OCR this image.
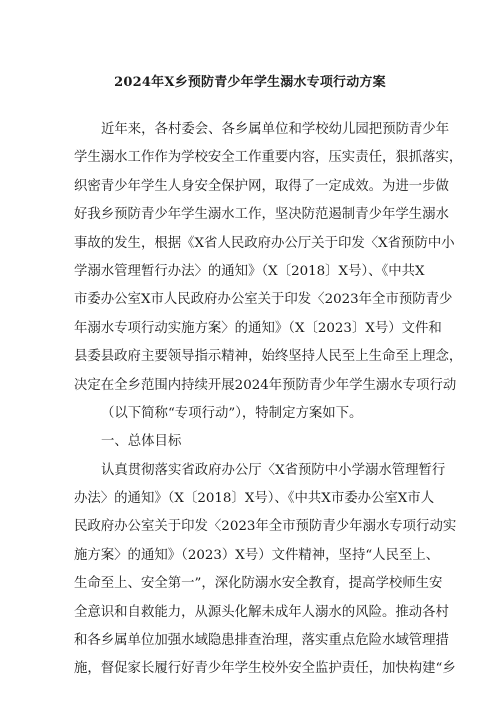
2024年X乡预防青少年学生溺水专项行动方案
近年来，各村委会、各乡属单位和学校幼儿园把预防青少年
学生溺水工作作为学校安全工作重要内容，压实责任，狠抓落实，
织密青少年学生人身安全保护网，取得了一定成效。为进一步做
好我乡预防青少年学生溺水工作，坚决防范遏制青少年学生溺水
事故的发生，根据《X省人民政府办公厅关于印发〈X省预防中小
学溺水管理暂行办法〉的通知》（X〔2018〕X号）、《中共X
市委办公室X市人民政府办公室关于印发〈2023年全市预防青少
年溺水专项行动实施方案〉的通知》（X〔2023〕X号）文件和
县委县政府主要领导指示精神，始终坚持人民至上生命至上理念，
决定在全乡范围内持续开展2024年预防青少年学生溺水专项行动
（以下简称“专项行动”），特制定方案如下。
一、总体目标
认真贯彻落实省政府办公厅〈X省预防中小学溺水管理暂行
办法〉的通知》（X〔2018〕X号）、《中共X市委办公室X市人
民政府办公室关于印发〈2023年全市预防青少年溺水专项行动实
施方案〉的通知》（2023）X号）文件精神，坚持“人民至上、
生命至上、安全第一”，深化防溺水安全教育，提高学校师生安
全意识和自救能力，从源头化解未成年人溺水的风险。推动各村
和各乡属单位加强水域隐患排查治理，落实重点危险水域管理措
施，督促家长履行好青少年学生校外安全监护责任，加快构建“乡
